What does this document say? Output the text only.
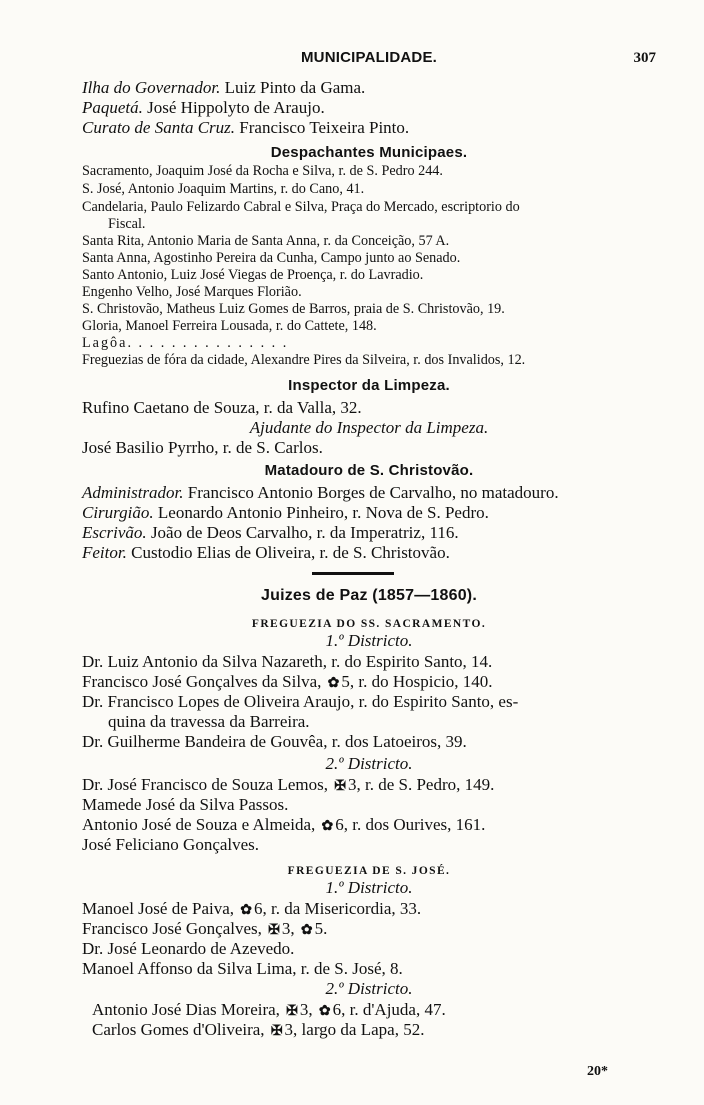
MUNICIPALIDADE.	307
Ilha do Governador. Luiz Pinto da Gama.
Paquetá. José Hippolyto de Araujo.
Curato de Santa Cruz. Francisco Teixeira Pinto.
Despachantes Municipaes.
Sacramento, Joaquim José da Rocha e Silva, r. de S. Pedro 244.
S. José, Antonio Joaquim Martins, r. do Cano, 41.
Candelaria, Paulo Felizardo Cabral e Silva, Praça do Mercado, escriptorio do
Fiscal.
Santa Rita, Antonio Maria de Santa Anna, r. da Conceição, 57 A.
Santa Anna, Agostinho Pereira da Cunha, Campo junto ao Senado.
Santo Antonio, Luiz José Viegas de Proença, r. do Lavradio.
Engenho Velho, José Marques Florião.
S. Christovão, Matheus Luiz Gomes de Barros, praia de S. Christovão, 19.
Gloria, Manoel Ferreira Lousada, r. do Cattete, 148.
Lagôa. . . . . . . . . . . . . . .
Freguezias de fóra da cidade, Alexandre Pires da Silveira, r. dos Invalidos, 12.
Inspector da Limpeza.
Rufino Caetano de Souza, r. da Valla, 32.
Ajudante do Inspector da Limpeza.
José Basilio Pyrrho, r. de S. Carlos.
Matadouro de S. Christovão.
Administrador. Francisco Antonio Borges de Carvalho, no matadouro.
Cirurgião. Leonardo Antonio Pinheiro, r. Nova de S. Pedro.
Escrivão. João de Deos Carvalho, r. da Imperatriz, 116.
Feitor. Custodio Elias de Oliveira, r. de S. Christovão.
Juizes de Paz (1857—1860).
FREGUEZIA DO SS. SACRAMENTO.
1.º Districto.
Dr. Luiz Antonio da Silva Nazareth, r. do Espirito Santo, 14.
Francisco José Gonçalves da Silva, ✿ 5, r. do Hospicio, 140.
Dr. Francisco Lopes de Oliveira Araujo, r. do Espirito Santo, es-
quina da travessa da Barreira.
Dr. Guilherme Bandeira de Gouvêa, r. dos Latoeiros, 39.
2.º Districto.
Dr. José Francisco de Souza Lemos, ✠ 3, r. de S. Pedro, 149.
Mamede José da Silva Passos.
Antonio José de Souza e Almeida, ✿ 6, r. dos Ourives, 161.
José Feliciano Gonçalves.
FREGUEZIA DE S. JOSÉ.
1.º Districto.
Manoel José de Paiva, ✿ 6, r. da Misericordia, 33.
Francisco José Gonçalves, ✠ 3, ✿ 5.
Dr. José Leonardo de Azevedo.
Manoel Affonso da Silva Lima, r. de S. José, 8.
2.º Districto.
Antonio José Dias Moreira, ✠ 3, ✿ 6, r. d'Ajuda, 47.
Carlos Gomes d'Oliveira, ✠ 3, largo da Lapa, 52.
20*
